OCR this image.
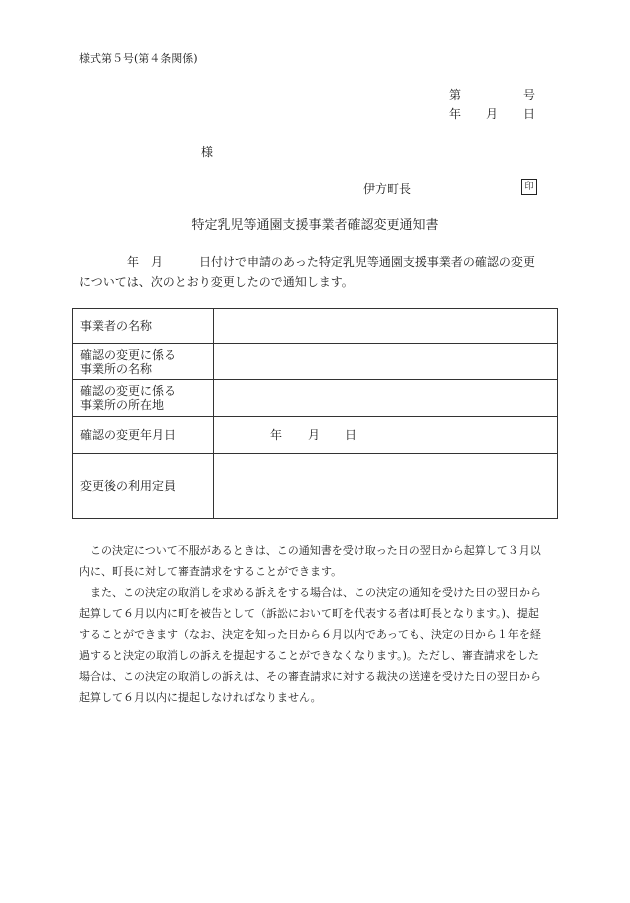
様式第５号(第４条関係)
第	号
年 月 日
様
伊方町長	印
特定乳児等通園支援事業者確認変更通知書
年 月	日付けで申請のあった特定乳児等通園支援事業者の確認の変更
については、次のとおり変更したので通知します。
事業者の名称	

確認の変更に係る
事業所の名称	

確認の変更に係る
事業所の所在地	

確認の変更年月日	年 月 日

変更後の利用定員	

この決定について不服があるときは、この通知書を受け取った日の翌日から起算して３月以

内に、町長に対して審査請求をすることができます。

また、この決定の取消しを求める訴えをする場合は、この決定の通知を受けた日の翌日から

起算して６月以内に町を被告として（訴訟において町を代表する者は町長となります。)、提起

することができます（なお、決定を知った日から６月以内であっても、決定の日から１年を経

過すると決定の取消しの訴えを提起することができなくなります。)。ただし、審査請求をした

場合は、この決定の取消しの訴えは、その審査請求に対する裁決の送達を受けた日の翌日から

起算して６月以内に提起しなければなりません。
